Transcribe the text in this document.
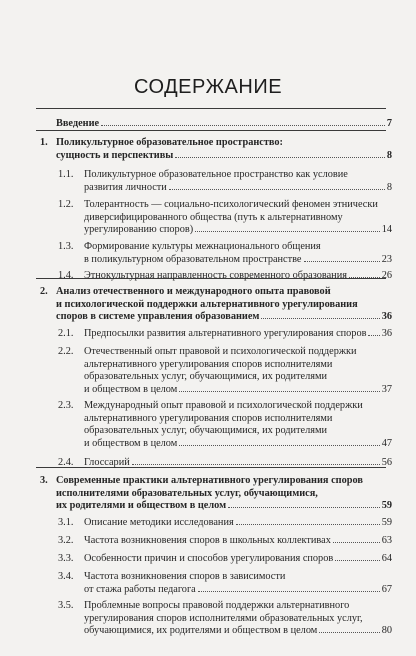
СОДЕРЖАНИЕ
Введение	7
1. Поликультурное образовательное пространство:
сущность и перспективы	8
1.1. Поликультурное образовательное пространство как условие
развития личности	8
1.2. Толерантность — социально-психологический феномен этнически
диверсифицированного общества (путь к альтернативному
урегулированию споров)	14
1.3. Формирование культуры межнационального общения
в поликультурном образовательном пространстве	23
1.4. Этнокультурная направленность современного образования	26
2. Анализ отечественного и международного опыта правовой
и психологической поддержки альтернативного урегулирования
споров в системе управления образованием	36
2.1. Предпосылки развития альтернативного урегулирования споров 36
2.2. Отечественный опыт правовой и психологической поддержки
альтернативного урегулирования споров исполнителями
образовательных услуг, обучающимися, их родителями
и обществом в целом	37
2.3. Международный опыт правовой и психологической поддержки
альтернативного урегулирования споров исполнителями
образовательных услуг, обучающимися, их родителями
и обществом в целом	47
2.4. Глоссарий	56
3. Современные практики альтернативного урегулирования споров
исполнителями образовательных услуг, обучающимися,
их родителями и обществом в целом	59
3.1. Описание методики исследования	59
3.2. Частота возникновения споров в школьных коллективах	63
3.3. Особенности причин и способов урегулирования споров	64
3.4. Частота возникновения споров в зависимости
от стажа работы педагога	67
3.5. Проблемные вопросы правовой поддержки альтернативного
урегулирования споров исполнителями образовательных услуг,
обучающимися, их родителями и обществом в целом	80
